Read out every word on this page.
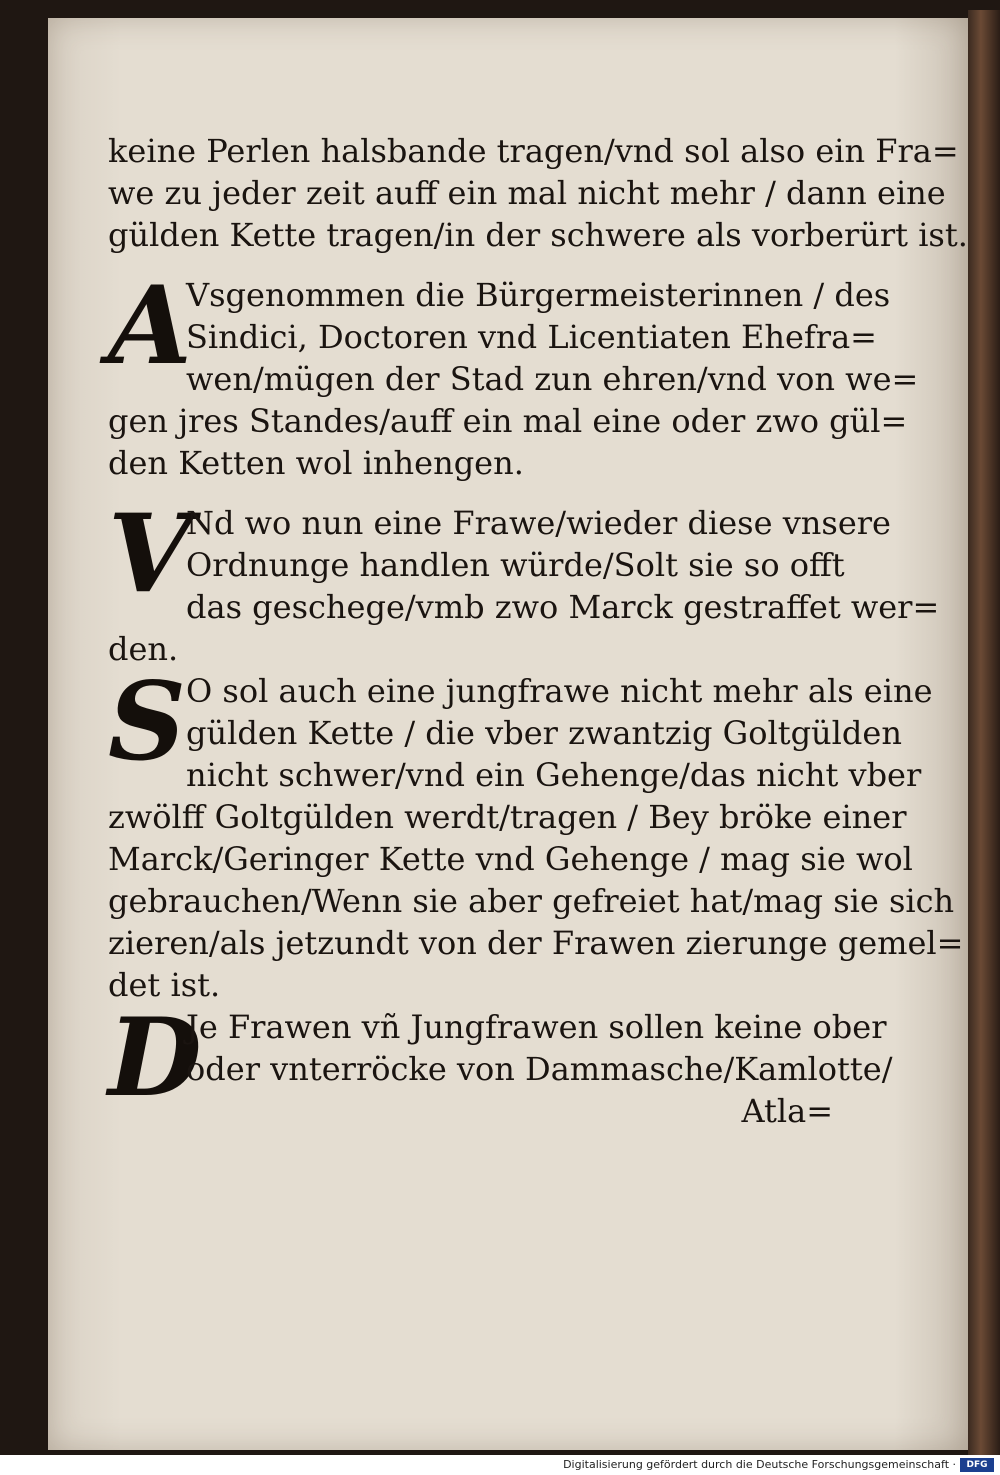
keine Perlen halsbande tragen/vnd sol also ein Fra=
we zu jeder zeit auff ein mal nicht mehr / dann eine
gülden Kette tragen/in der schwere als vorberürt ist.
A
Vsgenommen die Bürgermeisterinnen / des
Sindici, Doctoren vnd Licentiaten Ehefra=
wen/mügen der Stad zun ehren/vnd von we=
gen jres Standes/auff ein mal eine oder zwo gül=
den Ketten wol inhengen.
V
Nd wo nun eine Frawe/wieder diese vnsere
Ordnunge handlen würde/Solt sie so offt
das geschege/vmb zwo Marck gestraffet wer=
den.
S O sol auch eine jungfrawe nicht mehr als eine
gülden Kette / die vber zwantzig Goltgülden
nicht schwer/vnd ein Gehenge/das nicht vber
zwölff Goltgülden werdt/tragen / Bey bröke einer
Marck/Geringer Kette vnd Gehenge / mag sie wol
gebrauchen/Wenn sie aber gefreiet hat/mag sie sich
zieren/als jetzundt von der Frawen zierunge gemel=
det ist.
D
Je Frawen vñ Jungfrawen sollen keine ober
oder vnterröcke von Dammasche/Kamlotte/
Atla=
Digitalisierung gefördert durch die Deutsche Forschungsgemeinschaft ·	DFG
